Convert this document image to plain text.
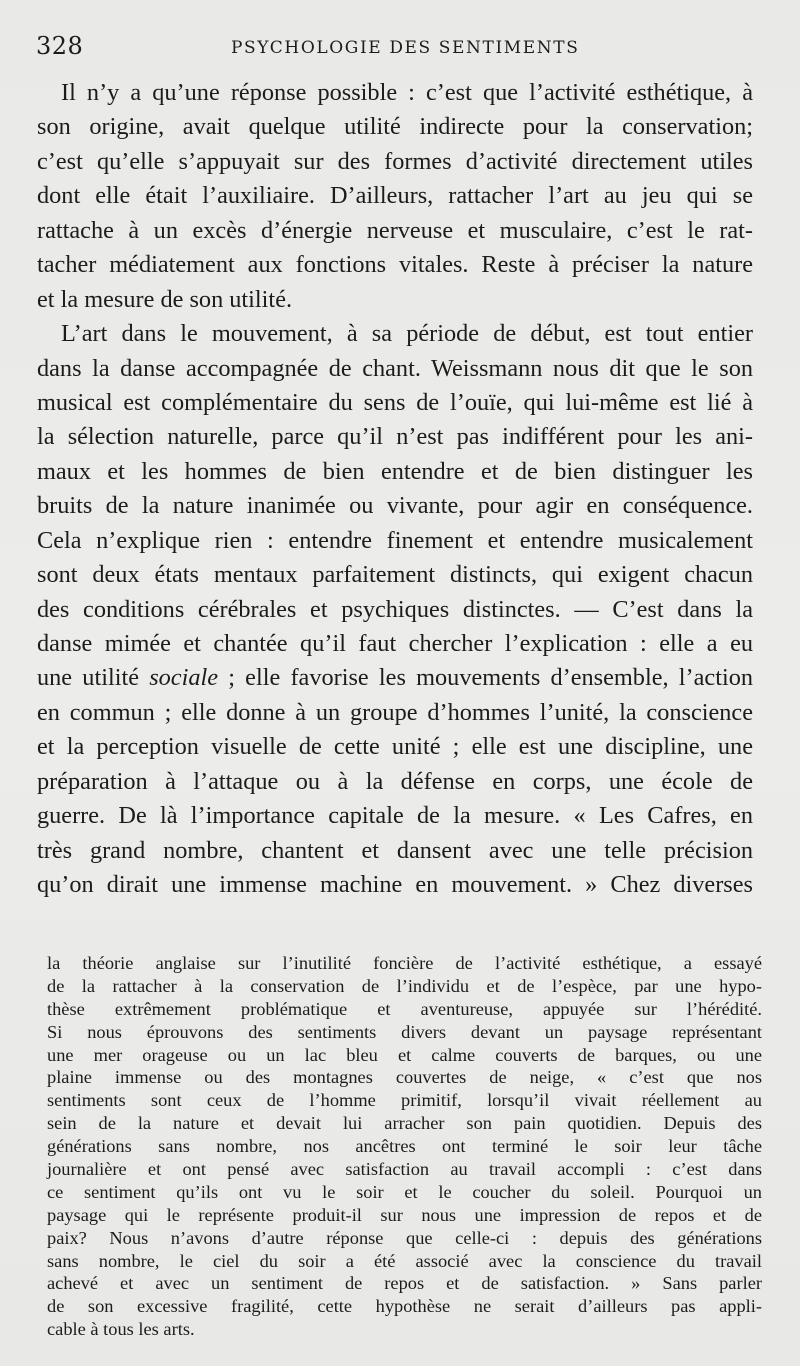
328	PSYCHOLOGIE DES SENTIMENTS
Il n’y a qu’une réponse possible : c’est que l’activité esthétique, à
son origine, avait quelque utilité indirecte pour la conservation;
c’est qu’elle s’appuyait sur des formes d’activité directement utiles
dont elle était l’auxiliaire. D’ailleurs, rattacher l’art au jeu qui se
rattache à un excès d’énergie nerveuse et musculaire, c’est le rat-
tacher médiatement aux fonctions vitales. Reste à préciser la nature
et la mesure de son utilité.
L’art dans le mouvement, à sa période de début, est tout entier
dans la danse accompagnée de chant. Weissmann nous dit que le son
musical est complémentaire du sens de l’ouïe, qui lui-même est lié à
la sélection naturelle, parce qu’il n’est pas indifférent pour les ani-
maux et les hommes de bien entendre et de bien distinguer les
bruits de la nature inanimée ou vivante, pour agir en conséquence.
Cela n’explique rien : entendre finement et entendre musicalement
sont deux états mentaux parfaitement distincts, qui exigent chacun
des conditions cérébrales et psychiques distinctes. — C’est dans la
danse mimée et chantée qu’il faut chercher l’explication : elle a eu
une utilité sociale ; elle favorise les mouvements d’ensemble, l’action
en commun ; elle donne à un groupe d’hommes l’unité, la conscience
et la perception visuelle de cette unité ; elle est une discipline, une
préparation à l’attaque ou à la défense en corps, une école de
guerre. De là l’importance capitale de la mesure. « Les Cafres, en
très grand nombre, chantent et dansent avec une telle précision
qu’on dirait une immense machine en mouvement. » Chez diverses
la théorie anglaise sur l’inutilité foncière de l’activité esthétique, a essayé
de la rattacher à la conservation de l’individu et de l’espèce, par une hypo-
thèse extrêmement problématique et aventureuse, appuyée sur l’hérédité.
Si nous éprouvons des sentiments divers devant un paysage représentant
une mer orageuse ou un lac bleu et calme couverts de barques, ou une
plaine immense ou des montagnes couvertes de neige, « c’est que nos
sentiments sont ceux de l’homme primitif, lorsqu’il vivait réellement au
sein de la nature et devait lui arracher son pain quotidien. Depuis des
générations sans nombre, nos ancêtres ont terminé le soir leur tâche
journalière et ont pensé avec satisfaction au travail accompli : c’est dans
ce sentiment qu’ils ont vu le soir et le coucher du soleil. Pourquoi un
paysage qui le représente produit-il sur nous une impression de repos et de
paix? Nous n’avons d’autre réponse que celle-ci : depuis des générations
sans nombre, le ciel du soir a été associé avec la conscience du travail
achevé et avec un sentiment de repos et de satisfaction. » Sans parler
de son excessive fragilité, cette hypothèse ne serait d’ailleurs pas appli-
cable à tous les arts.
